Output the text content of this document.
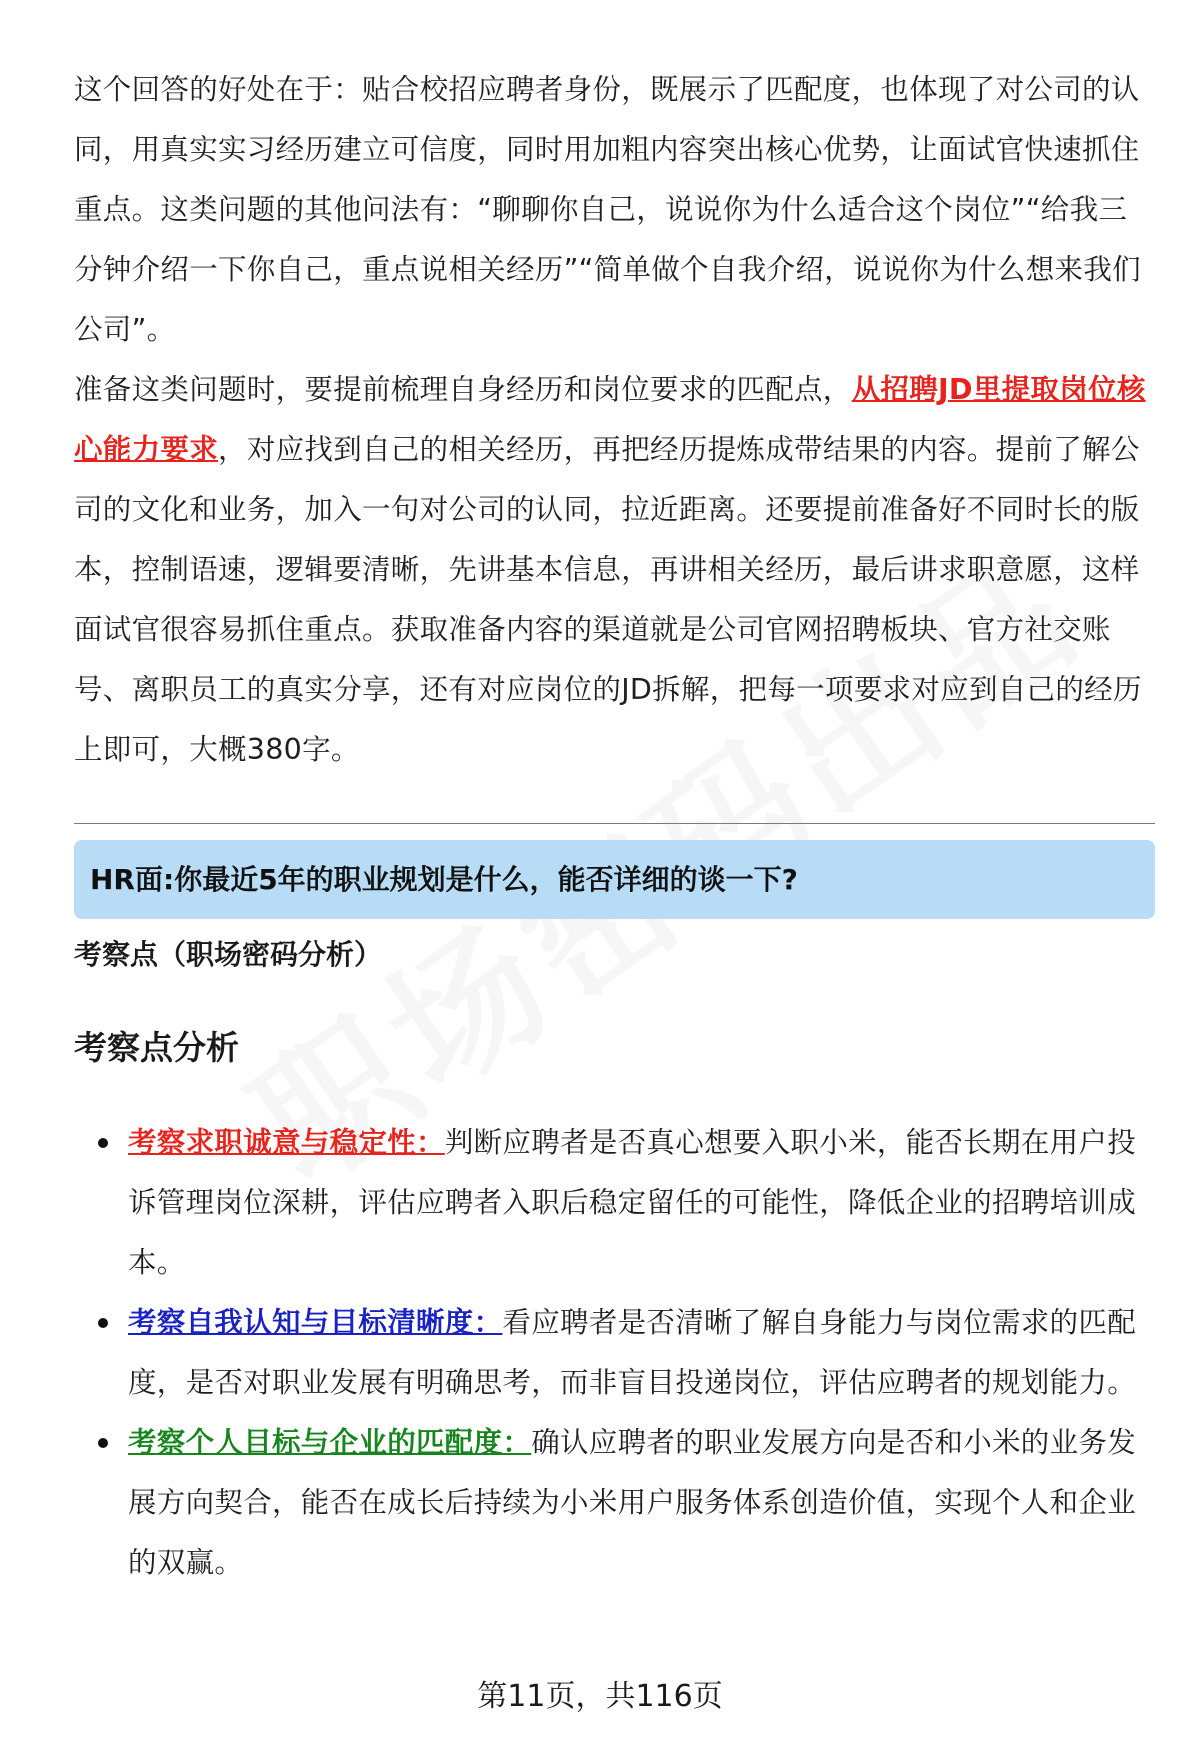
这个回答的好处在于：贴合校招应聘者身份，既展示了匹配度，也体现了对公司的认同，用真实实习经历建立可信度，同时用加粗内容突出核心优势，让面试官快速抓住重点。这类问题的其他问法有：“聊聊你自己，说说你为什么适合这个岗位”“给我三分钟介绍一下你自己，重点说相关经历”“简单做个自我介绍，说说你为什么想来我们公司”。

准备这类问题时，要提前梳理自身经历和岗位要求的匹配点，从招聘JD里提取岗位核心能力要求，对应找到自己的相关经历，再把经历提炼成带结果的内容。提前了解公司的文化和业务，加入一句对公司的认同，拉近距离。还要提前准备好不同时长的版本，控制语速，逻辑要清晰，先讲基本信息，再讲相关经历，最后讲求职意愿，这样面试官很容易抓住重点。获取准备内容的渠道就是公司官网招聘板块、官方社交账号、离职员工的真实分享，还有对应岗位的JD拆解，把每一项要求对应到自己的经历上即可，大概380字。

HR面:你最近5年的职业规划是什么，能否详细的谈一下?
考察点（职场密码分析）
考察点分析
考察求职诚意与稳定性：判断应聘者是否真心想要入职小米，能否长期在用户投诉管理岗位深耕，评估应聘者入职后稳定留任的可能性，降低企业的招聘培训成本。
考察自我认知与目标清晰度：看应聘者是否清晰了解自身能力与岗位需求的匹配度，是否对职业发展有明确思考，而非盲目投递岗位，评估应聘者的规划能力。
考察个人目标与企业的匹配度：确认应聘者的职业发展方向是否和小米的业务发展方向契合，能否在成长后持续为小米用户服务体系创造价值，实现个人和企业的双赢。
第11页，共116页
